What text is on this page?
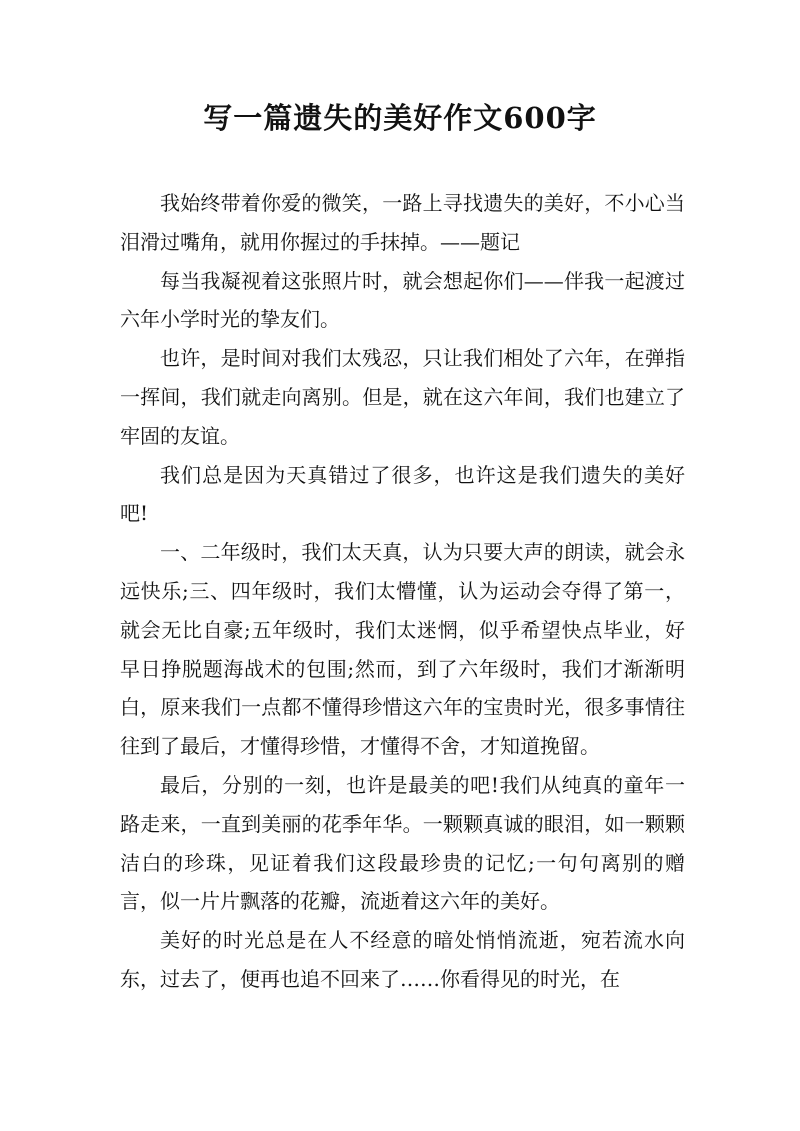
写一篇遗失的美好作文600字

我始终带着你爱的微笑，一路上寻找遗失的美好，不小心当泪滑过嘴角，就用你握过的手抹掉。——题记

每当我凝视着这张照片时，就会想起你们——伴我一起渡过六年小学时光的挚友们。

也许，是时间对我们太残忍，只让我们相处了六年，在弹指一挥间，我们就走向离别。但是，就在这六年间，我们也建立了牢固的友谊。

我们总是因为天真错过了很多，也许这是我们遗失的美好吧!

一、二年级时，我们太天真，认为只要大声的朗读，就会永远快乐;三、四年级时，我们太懵懂，认为运动会夺得了第一，就会无比自豪;五年级时，我们太迷惘，似乎希望快点毕业，好早日挣脱题海战术的包围;然而，到了六年级时，我们才渐渐明白，原来我们一点都不懂得珍惜这六年的宝贵时光，很多事情往往到了最后，才懂得珍惜，才懂得不舍，才知道挽留。

最后，分别的一刻，也许是最美的吧!我们从纯真的童年一路走来，一直到美丽的花季年华。一颗颗真诚的眼泪，如一颗颗洁白的珍珠，见证着我们这段最珍贵的记忆;一句句离别的赠言，似一片片飘落的花瓣，流逝着这六年的美好。

美好的时光总是在人不经意的暗处悄悄流逝，宛若流水向东，过去了，便再也追不回来了……你看得见的时光，在
